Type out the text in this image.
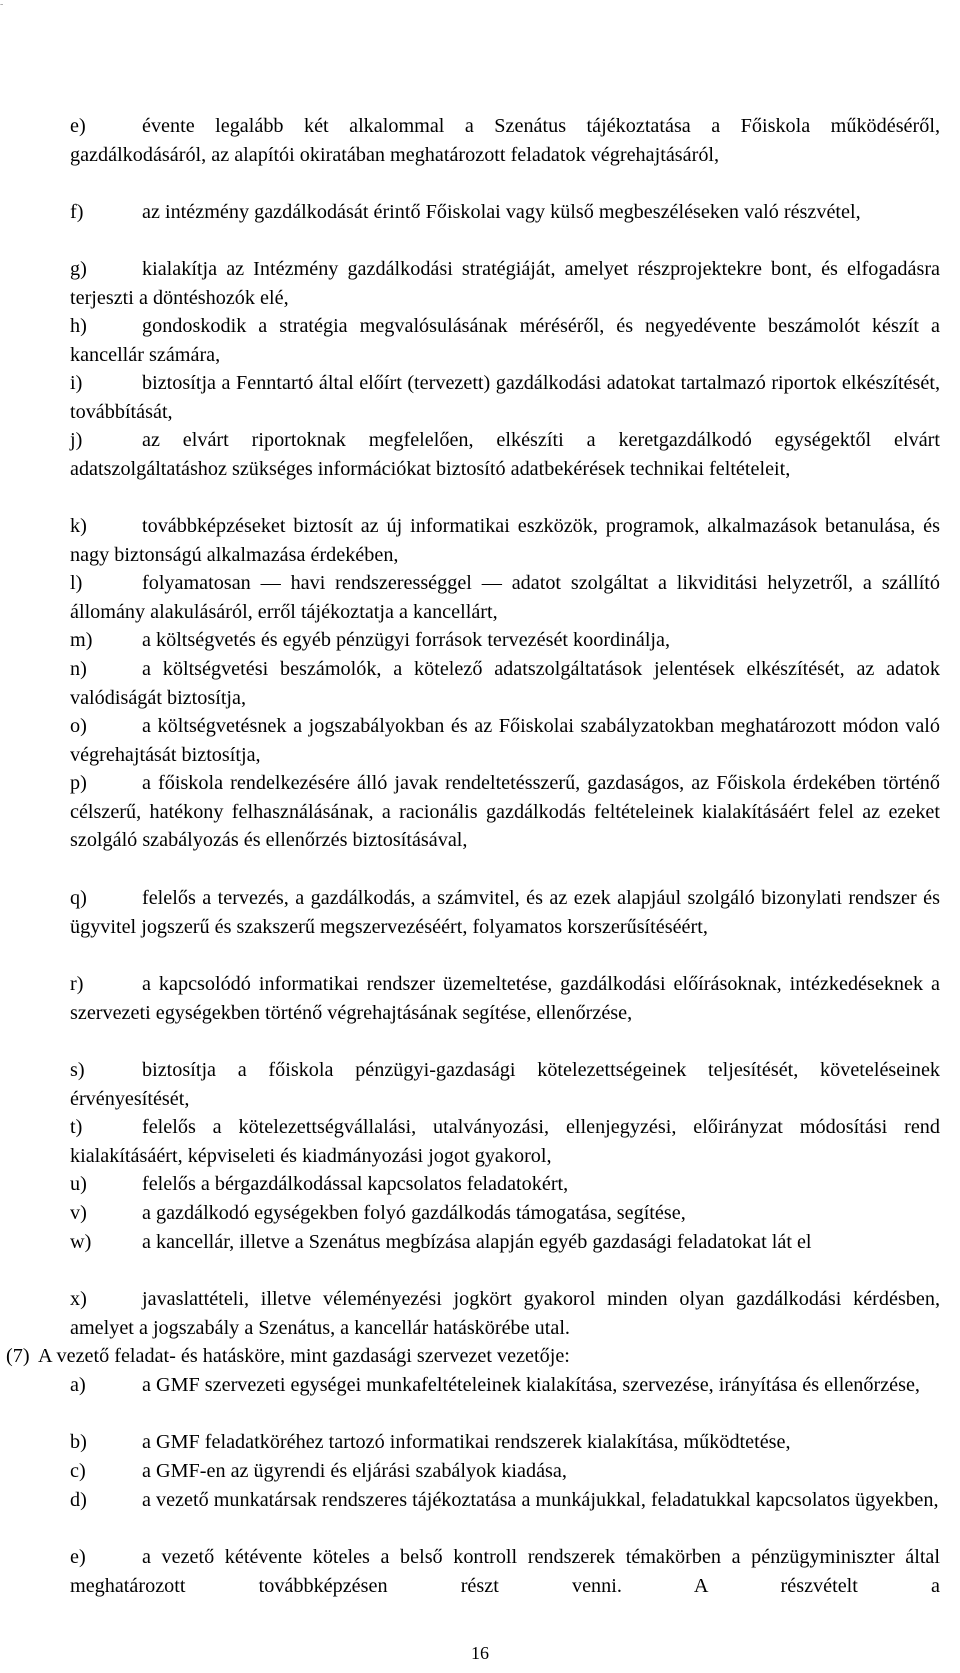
-

e)	évente legalább két alkalommal a Szenátus tájékoztatása a Főiskola működéséről, gazdálkodásáról, az alapítói okiratában meghatározott feladatok végrehajtásáról,

f)	az intézmény gazdálkodását érintő Főiskolai vagy külső megbeszéléseken való részvétel,

g)	kialakítja az Intézmény gazdálkodási stratégiáját, amelyet részprojektekre bont, és elfogadásra terjeszti a döntéshozók elé,

h)	gondoskodik a stratégia megvalósulásának méréséről, és negyedévente beszámolót készít a kancellár számára,

i)	biztosítja a Fenntartó által előírt (tervezett) gazdálkodási adatokat tartalmazó riportok elkészítését, továbbítását,

j)	az elvárt riportoknak megfelelően, elkészíti a keretgazdálkodó egységektől elvárt adatszolgáltatáshoz szükséges információkat biztosító adatbekérések technikai feltételeit,

k)	továbbképzéseket biztosít az új informatikai eszközök, programok, alkalmazások betanulása, és nagy biztonságú alkalmazása érdekében,

l)	folyamatosan — havi rendszerességgel — adatot szolgáltat a likviditási helyzetről, a szállító állomány alakulásáról, erről tájékoztatja a kancellárt,

m) a költségvetés és egyéb pénzügyi források tervezését koordinálja,

n)	a költségvetési beszámolók, a kötelező adatszolgáltatások jelentések elkészítését, az adatok valódiságát biztosítja,

o)	a költségvetésnek a jogszabályokban és az Főiskolai szabályzatokban meghatározott módon való végrehajtását biztosítja,

p)	a főiskola rendelkezésére álló javak rendeltetésszerű, gazdaságos, az Főiskola érdekében történő célszerű, hatékony felhasználásának, a racionális gazdálkodás feltételeinek kialakításáért felel az ezeket szolgáló szabályozás és ellenőrzés biztosításával,

q)	felelős a tervezés, a gazdálkodás, a számvitel, és az ezek alapjául szolgáló bizonylati rendszer és ügyvitel jogszerű és szakszerű megszervezéséért, folyamatos korszerűsítéséért,

r)	a kapcsolódó informatikai rendszer üzemeltetése, gazdálkodási előírásoknak, intézkedéseknek a szervezeti egységekben történő végrehajtásának segítése, ellenőrzése,

s)	biztosítja a főiskola pénzügyi-gazdasági kötelezettségeinek teljesítését, követeléseinek érvényesítését,

t)	felelős a kötelezettségvállalási, utalványozási, ellenjegyzési, előirányzat módosítási rend kialakításáért, képviseleti és kiadmányozási jogot gyakorol,

u)	felelős a bérgazdálkodással kapcsolatos feladatokért,

v)	a gazdálkodó egységekben folyó gazdálkodás támogatása, segítése,

w)	a kancellár, illetve a Szenátus megbízása alapján egyéb gazdasági feladatokat lát el

x)	javaslattételi, illetve véleményezési jogkört gyakorol minden olyan gazdálkodási kérdésben, amelyet a jogszabály a Szenátus, a kancellár hatáskörébe utal.

(7) A vezető feladat- és hatásköre, mint gazdasági szervezet vezetője:

a)	a GMF szervezeti egységei munkafeltételeinek kialakítása, szervezése, irányítása és ellenőrzése,

b)	a GMF feladatköréhez tartozó informatikai rendszerek kialakítása, működtetése,

c)	a GMF-en az ügyrendi és eljárási szabályok kiadása,

d)	a vezető munkatársak rendszeres tájékoztatása a munkájukkal, feladatukkal kapcsolatos ügyekben,

e)	a vezető kétévente köteles a belső kontroll rendszerek témakörben a pénzügyminiszter által meghatározott továbbképzésen részt venni. A részvételt a

16
